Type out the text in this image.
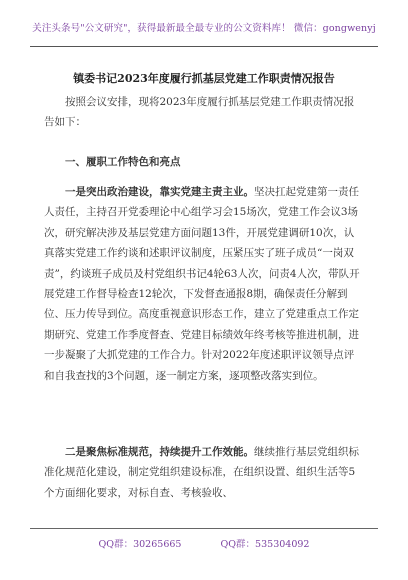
关注头条号"公文研究"，获得最新最全最专业的公文资料库！ 微信：gongwenyj
镇委书记2023年度履行抓基层党建工作职责情况报告

按照会议安排，现将2023年度履行抓基层党建工作职责情况报告如下：

一、履职工作特色和亮点

一是突出政治建设，靠实党建主责主业。坚决扛起党建第一责任人责任，主持召开党委理论中心组学习会15场次，党建工作会议3场次，研究解决涉及基层党建方面问题13件，开展党建调研10次，认真落实党建工作约谈和述职评议制度，压紧压实了班子成员“一岗双责”，约谈班子成员及村党组织书记4轮63人次，问责4人次，带队开展党建工作督导检查12轮次，下发督查通报8期，确保责任分解到位、压力传导到位。高度重视意识形态工作，建立了党建重点工作定期研究、党建工作季度督查、党建目标绩效年终考核等推进机制，进一步凝聚了大抓党建的工作合力。针对2022年度述职评议领导点评和自我查找的3个问题，逐一制定方案，逐项整改落实到位。

二是聚焦标准规范，持续提升工作效能。继续推行基层党组织标准化规范化建设，制定党组织建设标准，在组织设置、组织生活等5个方面细化要求，对标自查、考核验收、

QQ群：30265665	QQ群：535304092
